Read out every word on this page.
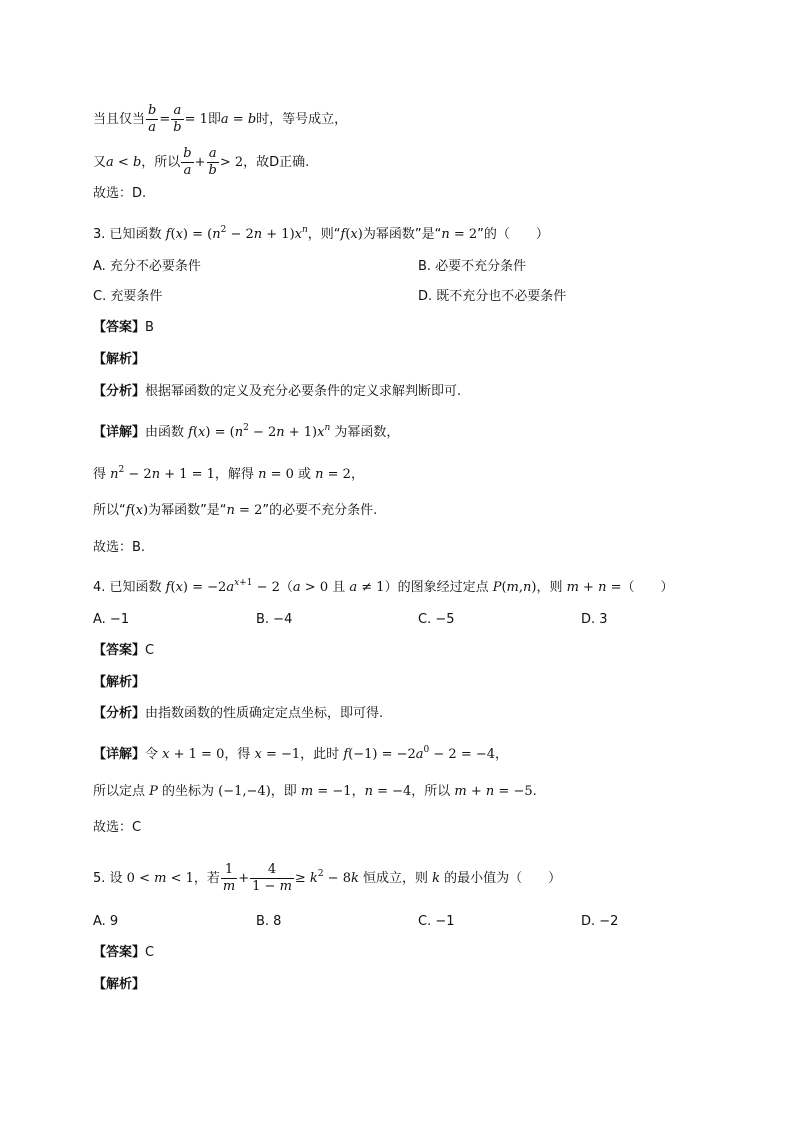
当且仅当 $\frac{b}{a} = \frac{a}{b} = 1$即a = b时，等号成立，
又a < b，所以 $\frac{b}{a} + \frac{a}{b} > 2$，故D正确.
故选：D.
3. 已知函数 $f(x) = (n^2 - 2n + 1)x^n$，则“f(x)为幂函数”是“n = 2”的（　　）
A. 充分不必要条件	B. 必要不充分条件
C. 充要条件	D. 既不充分也不必要条件
【答案】B
【解析】
【分析】根据幂函数的定义及充分必要条件的定义求解判断即可.
【详解】由函数 $f(x) = (n^2 - 2n + 1)x^n$ 为幂函数，
得 $n^2 - 2n + 1 = 1$，解得 n = 0 或 n = 2，
所以“f(x)为幂函数”是“n = 2”的必要不充分条件.
故选：B.
4. 已知函数 $f(x) = -2a^{x+1} - 2(a > 0$ 且 a ≠ 1）的图象经过定点 P(m,n)，则 m + n =（　　）
A. −1	B. −4	C. −5	D. 3
【答案】C
【解析】
【分析】由指数函数的性质确定定点坐标，即可得.
【详解】令 x + 1 = 0，得 x = −1，此时 $f(-1) = -2a^0 - 2 = -4$，
所以定点 P 的坐标为 (−1,−4)，即 m = −1，n = −4，所以 m + n = −5.
故选：C
5. 设 0 < m < 1，若 $\frac{1}{m} + \frac{4}{1 - m} \ge k^2 - 8k$ 恒成立，则 k 的最小值为（　　）
A. 9	B. 8	C. −1	D. −2
【答案】C
【解析】
